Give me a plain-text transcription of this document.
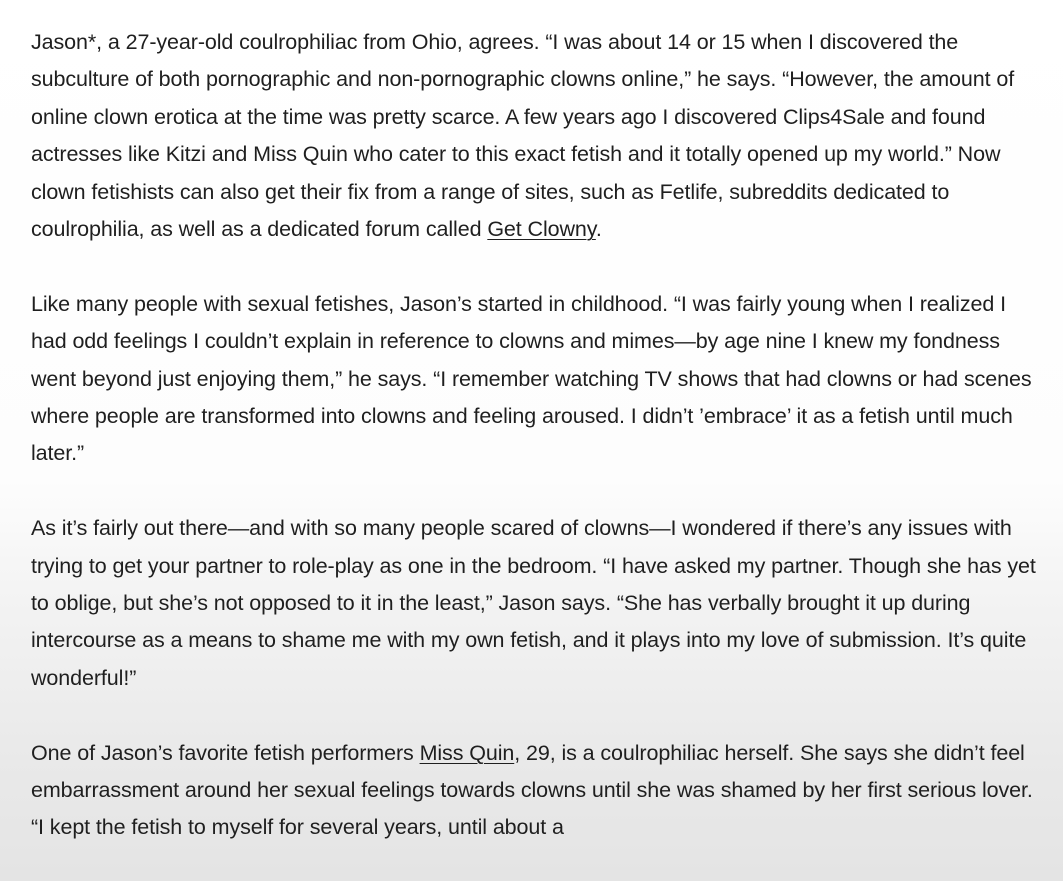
Jason*, a 27-year-old coulrophiliac from Ohio, agrees. “I was about 14 or 15 when I discovered the subculture of both pornographic and non-pornographic clowns online,” he says. “However, the amount of online clown erotica at the time was pretty scarce. A few years ago I discovered Clips4Sale and found actresses like Kitzi and Miss Quin who cater to this exact fetish and it totally opened up my world.” Now clown fetishists can also get their fix from a range of sites, such as Fetlife, subreddits dedicated to coulrophilia, as well as a dedicated forum called Get Clowny.

Like many people with sexual fetishes, Jason’s started in childhood. “I was fairly young when I realized I had odd feelings I couldn’t explain in reference to clowns and mimes—by age nine I knew my fondness went beyond just enjoying them,” he says. “I remember watching TV shows that had clowns or had scenes where people are transformed into clowns and feeling aroused. I didn’t ’embrace’ it as a fetish until much later.”

As it’s fairly out there—and with so many people scared of clowns—I wondered if there’s any issues with trying to get your partner to role-play as one in the bedroom. “I have asked my partner. Though she has yet to oblige, but she’s not opposed to it in the least,” Jason says. “She has verbally brought it up during intercourse as a means to shame me with my own fetish, and it plays into my love of submission. It’s quite wonderful!”

One of Jason’s favorite fetish performers Miss Quin, 29, is a coulrophiliac herself. She says she didn’t feel embarrassment around her sexual feelings towards clowns until she was shamed by her first serious lover. “I kept the fetish to myself for several years, until about a
